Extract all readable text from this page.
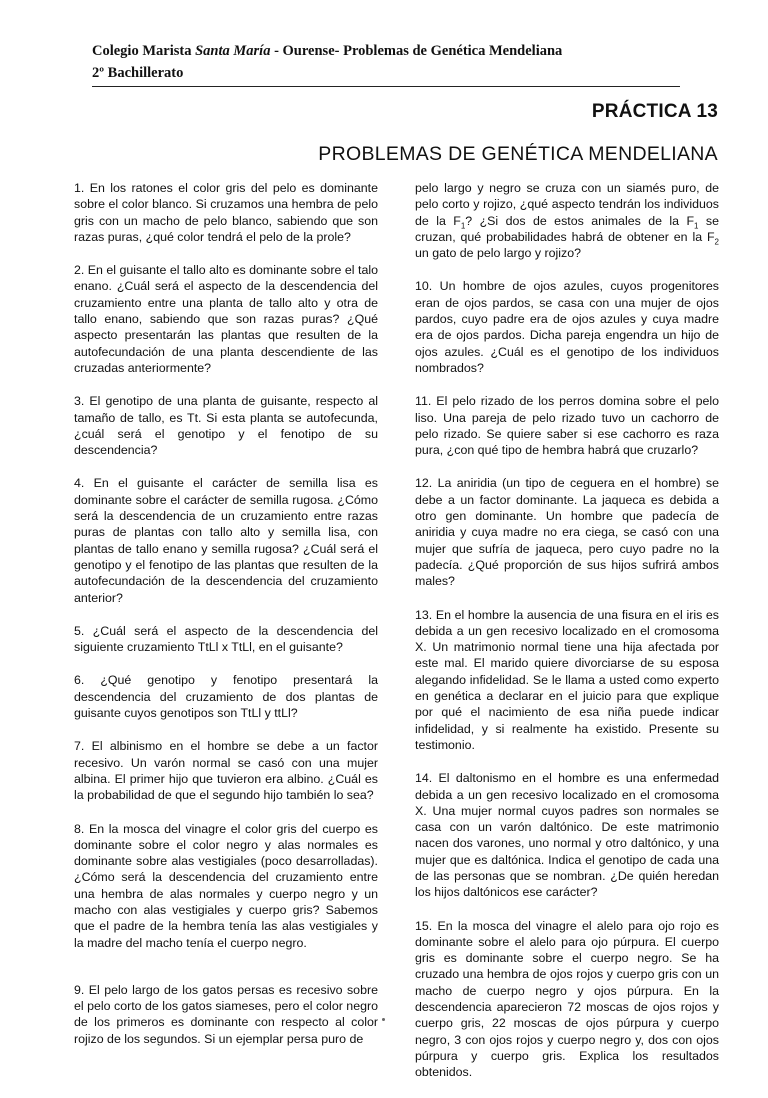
Colegio Marista Santa María - Ourense- Problemas de Genética Mendeliana
2º Bachillerato
PRÁCTICA 13
PROBLEMAS DE GENÉTICA MENDELIANA

1. En los ratones el color gris del pelo es dominante sobre el color blanco. Si cruzamos una hembra de pelo gris con un macho de pelo blanco, sabiendo que son razas puras, ¿qué color tendrá el pelo de la prole?

2. En el guisante el tallo alto es dominante sobre el talo enano. ¿Cuál será el aspecto de la descendencia del cruzamiento entre una planta de tallo alto y otra de tallo enano, sabiendo que son razas puras? ¿Qué aspecto presentarán las plantas que resulten de la autofecundación de una planta descendiente de las cruzadas anteriormente?

3. El genotipo de una planta de guisante, respecto al tamaño de tallo, es Tt. Si esta planta se autofecunda, ¿cuál será el genotipo y el fenotipo de su descendencia?

4. En el guisante el carácter de semilla lisa es dominante sobre el carácter de semilla rugosa. ¿Cómo será la descendencia de un cruzamiento entre razas puras de plantas con tallo alto y semilla lisa, con plantas de tallo enano y semilla rugosa? ¿Cuál será el genotipo y el fenotipo de las plantas que resulten de la autofecundación de la descendencia del cruzamiento anterior?

5. ¿Cuál será el aspecto de la descendencia del siguiente cruzamiento TtLl x TtLl, en el guisante?

6. ¿Qué genotipo y fenotipo presentará la descendencia del cruzamiento de dos plantas de guisante cuyos genotipos son TtLl y ttLl?

7. El albinismo en el hombre se debe a un factor recesivo. Un varón normal se casó con una mujer albina. El primer hijo que tuvieron era albino. ¿Cuál es la probabilidad de que el segundo hijo también lo sea?

8. En la mosca del vinagre el color gris del cuerpo es dominante sobre el color negro y alas normales es dominante sobre alas vestigiales (poco desarrolladas). ¿Cómo será la descendencia del cruzamiento entre una hembra de alas normales y cuerpo negro y un macho con alas vestigiales y cuerpo gris? Sabemos que el padre de la hembra tenía las alas vestigiales y la madre del macho tenía el cuerpo negro.

9. El pelo largo de los gatos persas es recesivo sobre el pelo corto de los gatos siameses, pero el color negro de los primeros es dominante con respecto al color rojizo de los segundos. Si un ejemplar persa puro de

pelo largo y negro se cruza con un siamés puro, de pelo corto y rojizo, ¿qué aspecto tendrán los individuos de la $F_1$? ¿Si dos de estos animales de la $F_1$ se cruzan, qué probabilidades habrá de obtener en la $F_2$ un gato de pelo largo y rojizo?

10. Un hombre de ojos azules, cuyos progenitores eran de ojos pardos, se casa con una mujer de ojos pardos, cuyo padre era de ojos azules y cuya madre era de ojos pardos. Dicha pareja engendra un hijo de ojos azules. ¿Cuál es el genotipo de los individuos nombrados?

11. El pelo rizado de los perros domina sobre el pelo liso. Una pareja de pelo rizado tuvo un cachorro de pelo rizado. Se quiere saber si ese cachorro es raza pura, ¿con qué tipo de hembra habrá que cruzarlo?

12. La aniridia (un tipo de ceguera en el hombre) se debe a un factor dominante. La jaqueca es debida a otro gen dominante. Un hombre que padecía de aniridia y cuya madre no era ciega, se casó con una mujer que sufría de jaqueca, pero cuyo padre no la padecía. ¿Qué proporción de sus hijos sufrirá ambos males?

13. En el hombre la ausencia de una fisura en el iris es debida a un gen recesivo localizado en el cromosoma X. Un matrimonio normal tiene una hija afectada por este mal. El marido quiere divorciarse de su esposa alegando infidelidad. Se le llama a usted como experto en genética a declarar en el juicio para que explique por qué el nacimiento de esa niña puede indicar infidelidad, y si realmente ha existido. Presente su testimonio.

14. El daltonismo en el hombre es una enfermedad debida a un gen recesivo localizado en el cromosoma X. Una mujer normal cuyos padres son normales se casa con un varón daltónico. De este matrimonio nacen dos varones, uno normal y otro daltónico, y una mujer que es daltónica. Indica el genotipo de cada una de las personas que se nombran. ¿De quién heredan los hijos daltónicos ese carácter?

15. En la mosca del vinagre el alelo para ojo rojo es dominante sobre el alelo para ojo púrpura. El cuerpo gris es dominante sobre el cuerpo negro. Se ha cruzado una hembra de ojos rojos y cuerpo gris con un macho de cuerpo negro y ojos púrpura. En la descendencia aparecieron 72 moscas de ojos rojos y cuerpo gris, 22 moscas de ojos púrpura y cuerpo negro, 3 con ojos rojos y cuerpo negro y, dos con ojos púrpura y cuerpo gris. Explica los resultados obtenidos.
